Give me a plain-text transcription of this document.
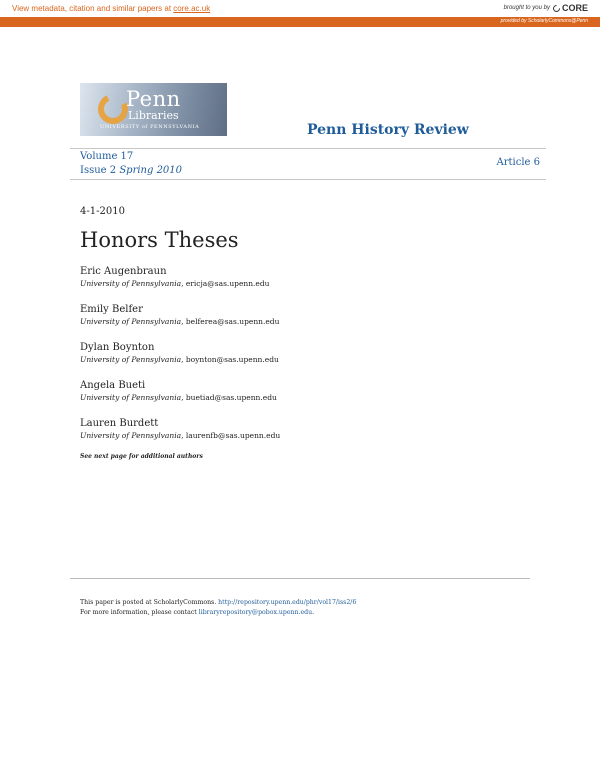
View metadata, citation and similar papers at core.ac.uk	brought to you by CORE
provided by ScholarlyCommons@Penn
Penn
Libraries
UNIVERSITY of PENNSYLVANIA	Penn History Review
Volume 17
Issue 2 Spring 2010
Article 6
4-1-2010
Honors Theses
Eric Augenbraun
University of Pennsylvania, ericja@sas.upenn.edu
Emily Belfer
University of Pennsylvania, belferea@sas.upenn.edu
Dylan Boynton
University of Pennsylvania, boynton@sas.upenn.edu
Angela Bueti
University of Pennsylvania, buetiad@sas.upenn.edu
Lauren Burdett
University of Pennsylvania, laurenfb@sas.upenn.edu
See next page for additional authors
This paper is posted at ScholarlyCommons. http://repository.upenn.edu/phr/vol17/iss2/6
For more information, please contact libraryrepository@pobox.upenn.edu.
